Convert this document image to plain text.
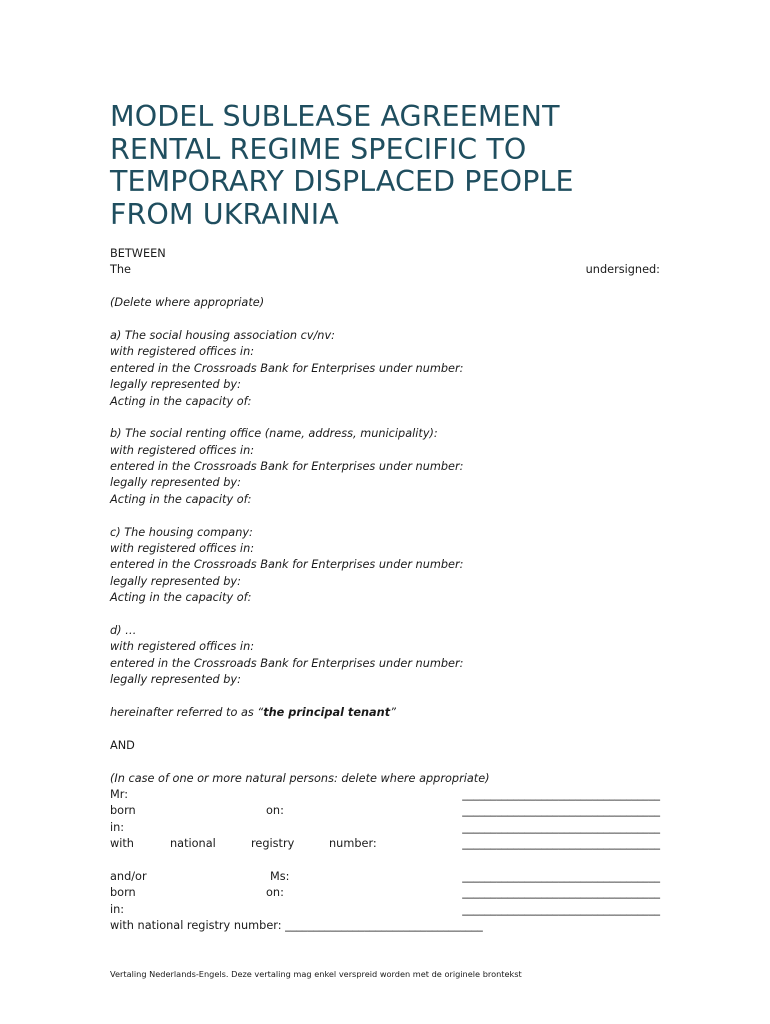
MODEL SUBLEASE AGREEMENT
RENTAL REGIME SPECIFIC TO
TEMPORARY DISPLACED PEOPLE
FROM UKRAINIA
BETWEEN
The	undersigned:
(Delete where appropriate)
a) The social housing association cv/nv:
with registered offices in:
entered in the Crossroads Bank for Enterprises under number:
legally represented by:
Acting in the capacity of:
b) The social renting office (name, address, municipality):
with registered offices in:
entered in the Crossroads Bank for Enterprises under number:
legally represented by:
Acting in the capacity of:
c) The housing company:
with registered offices in:
entered in the Crossroads Bank for Enterprises under number:
legally represented by:
Acting in the capacity of:
d) …
with registered offices in:
entered in the Crossroads Bank for Enterprises under number:
legally represented by:
hereinafter referred to as “the principal tenant”
AND
(In case of one or more natural persons: delete where appropriate)
Mr:	___________________________________
born	on:	___________________________________
in:	___________________________________
with	national	registry	number:	___________________________________
and/or	Ms:	___________________________________
born	on:	___________________________________
in:	___________________________________
with national registry number: ___________________________________
Vertaling Nederlands-Engels. Deze vertaling mag enkel verspreid worden met de originele brontekst
